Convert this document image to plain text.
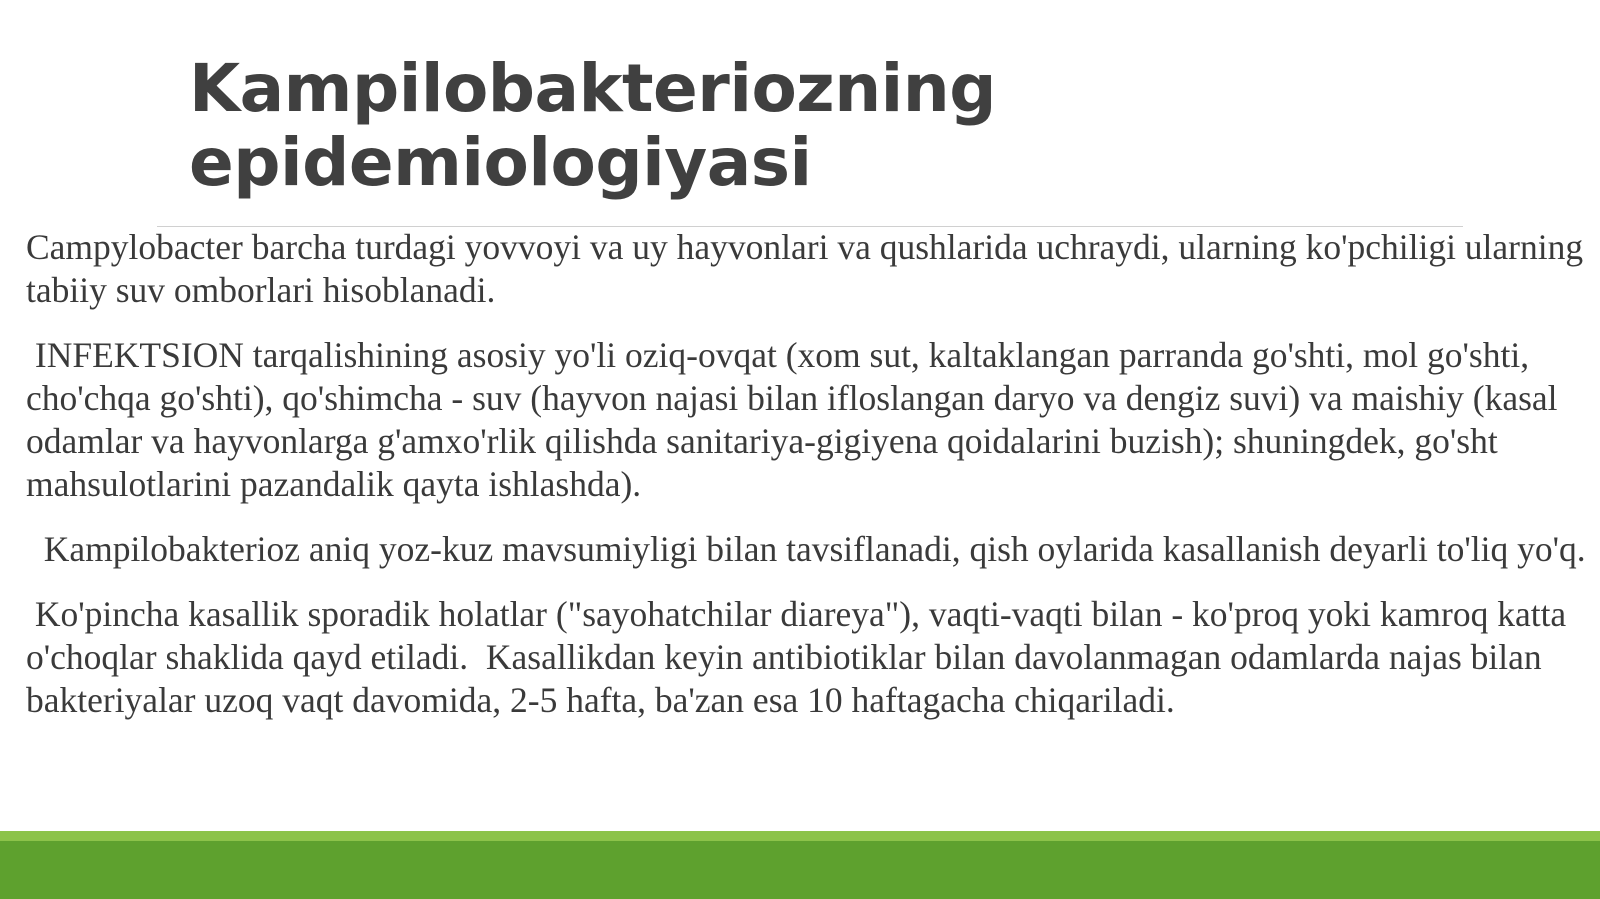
Kampilobakteriozning
epidemiologiyasi

Campylobacter barcha turdagi yovvoyi va uy hayvonlari va qushlarida uchraydi, ularning ko'pchiligi ularning tabiiy suv omborlari hisoblanadi.

INFEKTSION tarqalishining asosiy yo'li oziq-ovqat (xom sut, kaltaklangan parranda go'shti, mol go'shti, cho'chqa go'shti), qo'shimcha - suv (hayvon najasi bilan ifloslangan daryo va dengiz suvi) va maishiy (kasal odamlar va hayvonlarga g'amxo'rlik qilishda sanitariya-gigiyena qoidalarini buzish); shuningdek, go'sht mahsulotlarini pazandalik qayta ishlashda).

Kampilobakterioz aniq yoz-kuz mavsumiyligi bilan tavsiflanadi, qish oylarida kasallanish deyarli to'liq yo'q.

Ko'pincha kasallik sporadik holatlar ("sayohatchilar diareya"), vaqti-vaqti bilan - ko'proq yoki kamroq katta o'choqlar shaklida qayd etiladi.  Kasallikdan keyin antibiotiklar bilan davolanmagan odamlarda najas bilan bakteriyalar uzoq vaqt davomida, 2-5 hafta, ba'zan esa 10 haftagacha chiqariladi.
